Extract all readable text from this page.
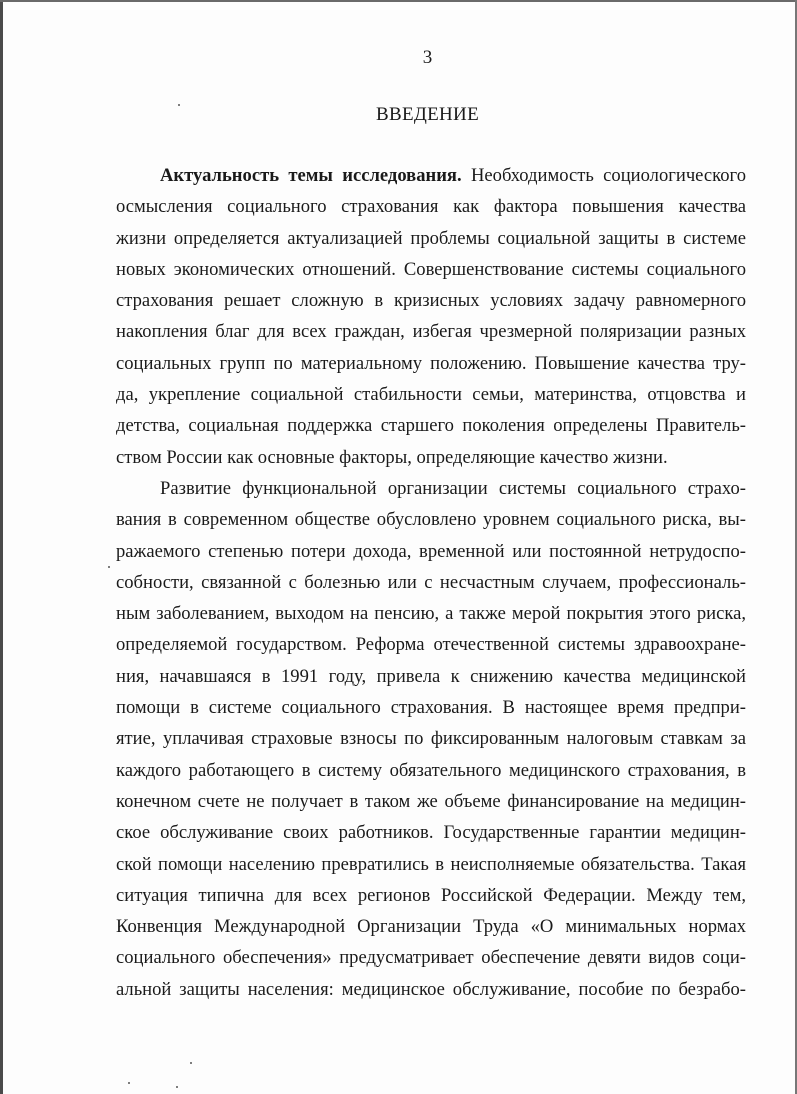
3

ВВЕДЕНИЕ
Актуальность темы исследования. Необходимость социологического
осмысления социального страхования как фактора повышения качества
жизни определяется актуализацией проблемы социальной защиты в системе
новых экономических отношений. Совершенствование системы социального
страхования решает сложную в кризисных условиях задачу равномерного
накопления благ для всех граждан, избегая чрезмерной поляризации разных
социальных групп по материальному положению. Повышение качества тру-
да, укрепление социальной стабильности семьи, материнства, отцовства и
детства, социальная поддержка старшего поколения определены Правитель-
ством России как основные факторы, определяющие качество жизни.
Развитие функциональной организации системы социального страхо-
вания в современном обществе обусловлено уровнем социального риска, вы-
ражаемого степенью потери дохода, временной или постоянной нетрудоспо-
собности, связанной с болезнью или с несчастным случаем, профессиональ-
ным заболеванием, выходом на пенсию, а также мерой покрытия этого риска,
определяемой государством. Реформа отечественной системы здравоохране-
ния, начавшаяся в 1991 году, привела к снижению качества медицинской
помощи в системе социального страхования. В настоящее время предпри-
ятие, уплачивая страховые взносы по фиксированным налоговым ставкам за
каждого работающего в систему обязательного медицинского страхования, в
конечном счете не получает в таком же объеме финансирование на медицин-
ское обслуживание своих работников. Государственные гарантии медицин-
ской помощи населению превратились в неисполняемые обязательства. Такая
ситуация типична для всех регионов Российской Федерации. Между тем,
Конвенция Международной Организации Труда «О минимальных нормах
социального обеспечения» предусматривает обеспечение девяти видов соци-
альной защиты населения: медицинское обслуживание, пособие по безрабо-
